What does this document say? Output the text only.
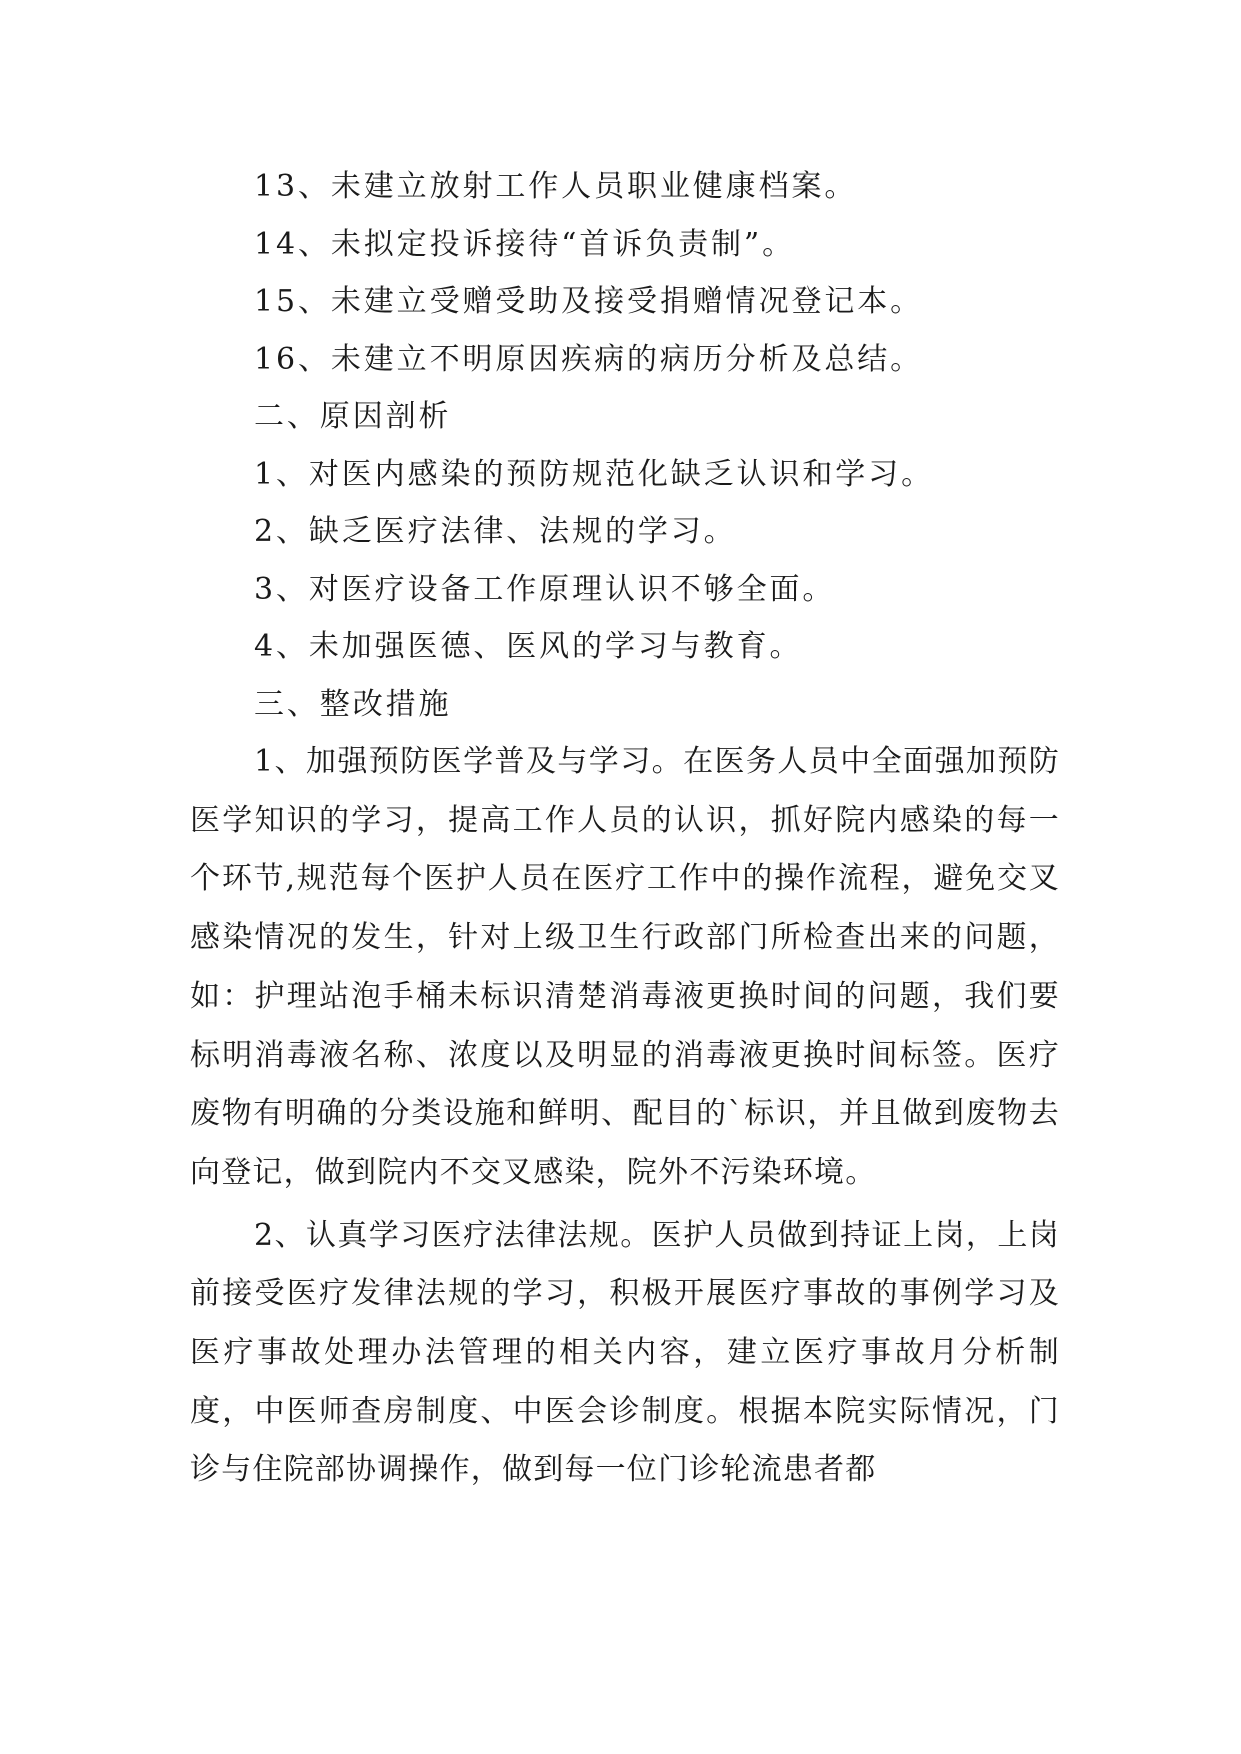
13、未建立放射工作人员职业健康档案。
14、未拟定投诉接待“首诉负责制”。
15、未建立受赠受助及接受捐赠情况登记本。
16、未建立不明原因疾病的病历分析及总结。
二、原因剖析
1、对医内感染的预防规范化缺乏认识和学习。
2、缺乏医疗法律、法规的学习。
3、对医疗设备工作原理认识不够全面。
4、未加强医德、医风的学习与教育。
三、整改措施

1、加强预防医学普及与学习。在医务人员中全面强加预防医学知识的学习，提高工作人员的认识，抓好院内感染的每一个环节,规范每个医护人员在医疗工作中的操作流程，避免交叉感染情况的发生，针对上级卫生行政部门所检查出来的问题，如：护理站泡手桶未标识清楚消毒液更换时间的问题，我们要标明消毒液名称、浓度以及明显的消毒液更换时间标签。医疗废物有明确的分类设施和鲜明、配目的`标识，并且做到废物去向登记，做到院内不交叉感染，院外不污染环境。

2、认真学习医疗法律法规。医护人员做到持证上岗，上岗前接受医疗发律法规的学习，积极开展医疗事故的事例学习及医疗事故处理办法管理的相关内容，建立医疗事故月分析制度，中医师查房制度、中医会诊制度。根据本院实际情况，门诊与住院部协调操作，做到每一位门诊轮流患者都
